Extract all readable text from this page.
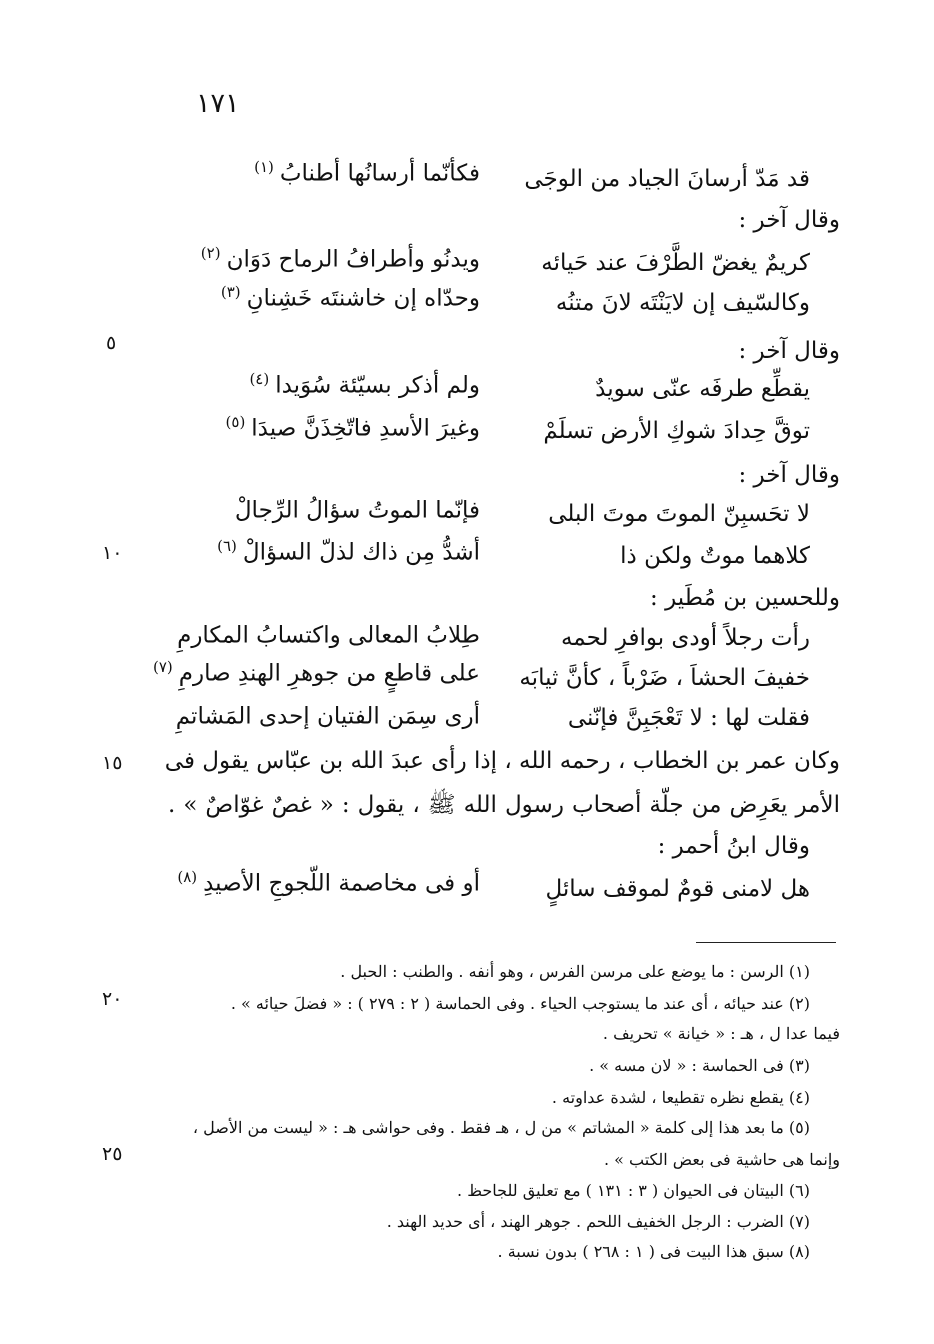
١٧١
قد مَدّ أرسانَ الجياد من الوجَى
فكأنّما أرسانُها أطنابُ$^{(١)}$
وقال آخر :
كريمٌ يغضّ الطَّرْفَ عند حَيائه
ويدنُو وأطرافُ الرماح دَوَان$^{(٢)}$
وكالسّيف إن لايَنْتَه لانَ متنُه
وحدّاه إن خاشنتَه خَشِنانِ$^{(٣)}$
وقال آخر :
يقطِّع طرفَه عنّى سويدٌ
ولم أذكر بسيّئة سُوَيدا$^{(٤)}$
توقَّ حِدادَ شوكِ الأرض تسلَمْ
وغيرَ الأسدِ فاتّخِذَنَّ صيدَا$^{(٥)}$
وقال آخر :
لا تحَسبِنّ الموتَ موتَ البلى
فإنّما الموتُ سؤالُ الرِّجالْ
كلاهما موتٌ ولكن ذا
أشدُّ مِن ذاك لذلّ السؤالْ$^{(٦)}$
وللحسين بن مُطَير :
رأت رجلاً أودى بوافرِ لحمه
طِلابُ المعالى واكتسابُ المكارمِ
خفيفَ الحشاَ ، ضَرْباً ، كأنَّ ثيابَه
على قاطعٍ من جوهرِ الهندِ صارمِ$^{(٧)}$
فقلت لها : لا تَعْجَبِنَّ فإنّنى
أرى سِمَن الفتيان إحدى المَشاتمِ
وكان عمر بن الخطاب ، رحمه الله ، إذا رأى عبدَ الله بن عبّاس يقول فى
الأمر يعَرِض من جلّة أصحاب رسول الله ﷺ ، يقول : « غصٌ غوّاصٌ » .
وقال ابنُ أحمر :
هل لامنى قومٌ لموقف سائلٍ
أو فى مخاصمة اللّجوجِ الأصيدِ$^{(٨)}$
٥
١٠
١٥
٢٠
٢٥
(١) الرسن : ما يوضع على مرسن الفرس ، وهو أنفه . والطنب : الحبل .
(٢) عند حيائه ، أى عند ما يستوجب الحياء . وفى الحماسة ( ٢ : ٢٧٩ ) : « فضلَ حيائه » .
فيما عدا ل ، هـ : « خيانة » تحريف .
(٣) فى الحماسة : « لان مسه » .
(٤) يقطع نظره تقطيعا ، لشدة عداوته .
(٥) ما بعد هذا إلى كلمة « المشاتم » من ل ، هـ فقط . وفى حواشى هـ : « ليست من الأصل ،
وإنما هى حاشية فى بعض الكتب » .
(٦) البيتان فى الحيوان ( ٣ : ١٣١ ) مع تعليق للجاحظ .
(٧) الضرب : الرجل الخفيف اللحم . جوهر الهند ، أى حديد الهند .
(٨) سبق هذا البيت فى ( ١ : ٢٦٨ ) بدون نسبة .
